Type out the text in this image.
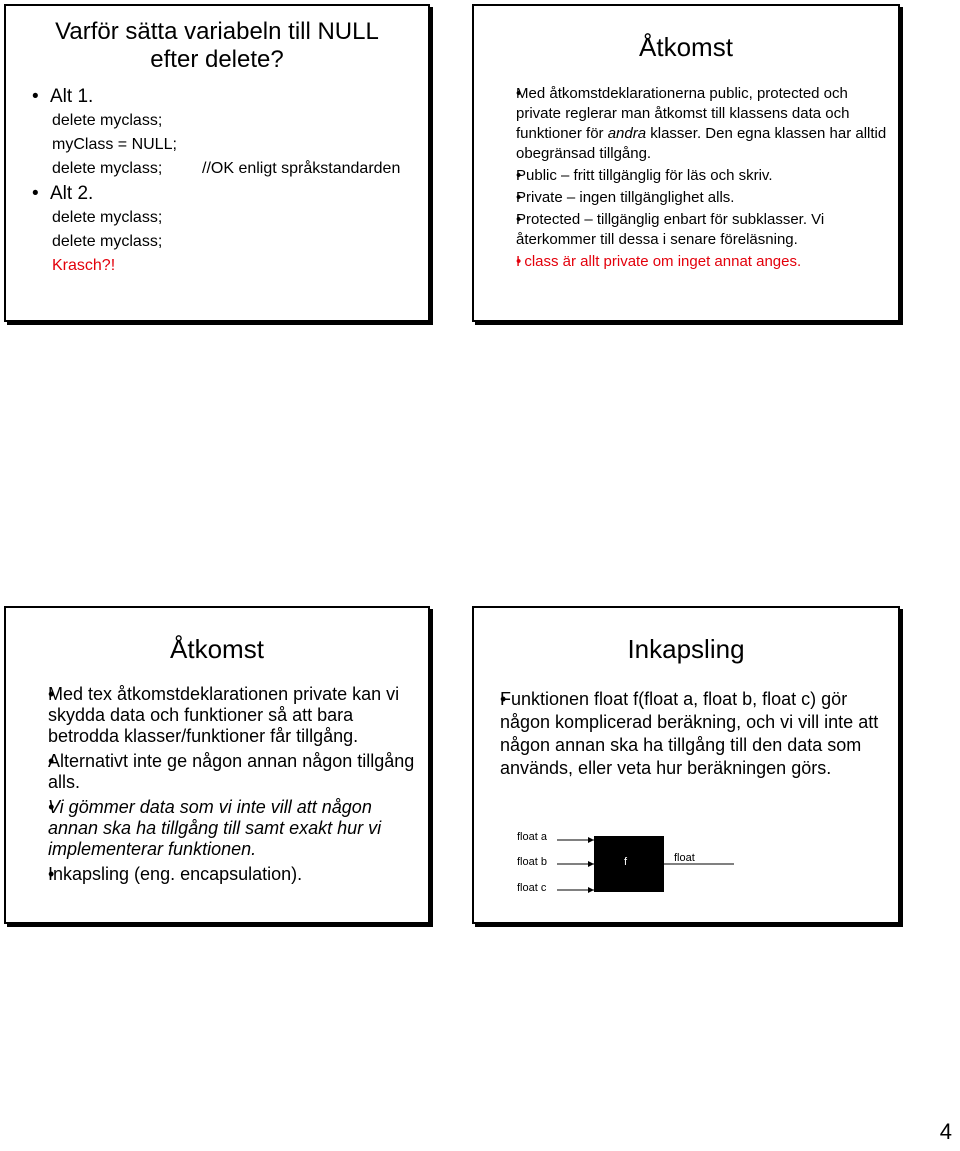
Varför sätta variabeln till NULL
efter delete?
• Alt 1.
delete myclass;
myClass = NULL;
delete myclass; //OK enligt språkstandarden
• Alt 2.
delete myclass;
delete myclass;
Krasch?!
Åtkomst
• Med åtkomstdeklarationerna public, protected och private reglerar man åtkomst till klassens data och funktioner för andra klasser. Den egna klassen har alltid obegränsad tillgång.
• Public – fritt tillgänglig för läs och skriv.
• Private – ingen tillgänglighet alls.
• Protected – tillgänglig enbart för subklasser. Vi återkommer till dessa i senare föreläsning.
• I class är allt private om inget annat anges.
Åtkomst
• Med tex åtkomstdeklarationen private kan vi skydda data och funktioner så att bara betrodda klasser/funktioner får tillgång.
• Alternativt inte ge någon annan någon tillgång alls.
• Vi gömmer data som vi inte vill att någon annan ska ha tillgång till samt exakt hur vi implementerar funktionen.
• Inkapsling (eng. encapsulation).
Inkapsling
• Funktionen float f(float a, float b, float c) gör någon komplicerad beräkning, och vi vill inte att någon annan ska ha tillgång till den data som används, eller veta hur beräkningen görs.
float a
float b
float c
f	float
4
